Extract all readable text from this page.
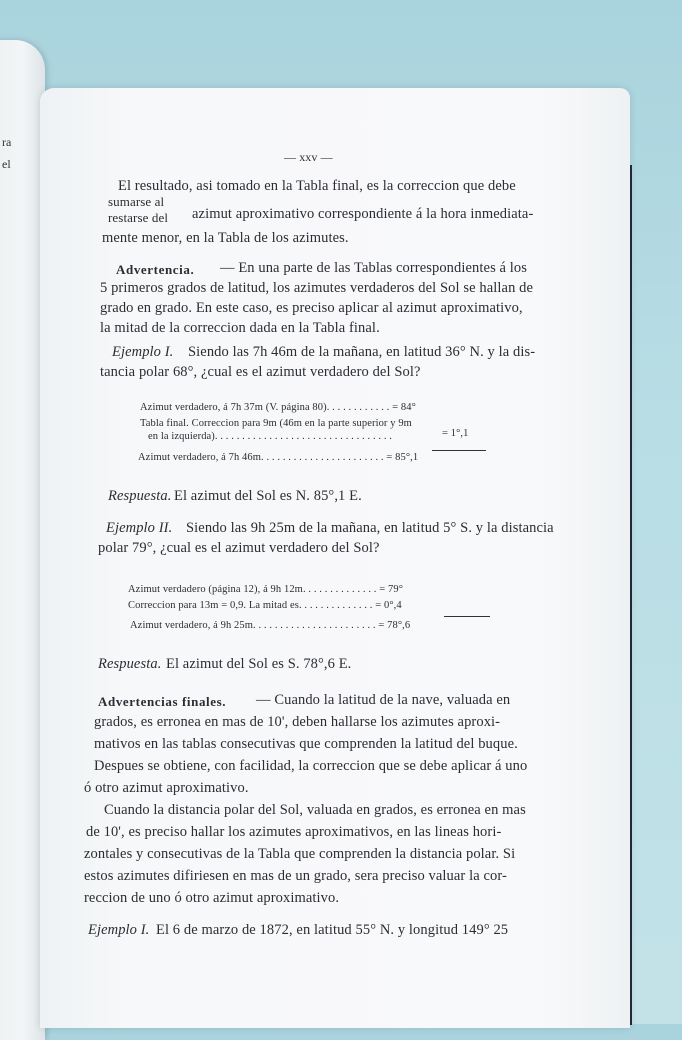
ra
el	— xxv —
El resultado, asi tomado en la Tabla final, es la correccion que debe
sumarse al
restarse del azimut aproximativo correspondiente á la hora inmediata-
mente menor, en la Tabla de los azimutes.
Advertencia. — En una parte de las Tablas correspondientes á los
5 primeros grados de latitud, los azimutes verdaderos del Sol se hallan de
grado en grado. En este caso, es preciso aplicar al azimut aproximativo,
la mitad de la correccion dada en la Tabla final.
Ejemplo I. Siendo las 7h 46m de la mañana, en latitud 36° N. y la dis-
tancia polar 68°, ¿cual es el azimut verdadero del Sol?
Azimut verdadero, á 7h 37m (V. página 80). . . . . . . . . . . . = 84°
Tabla final. Correccion para 9m (46m en la parte superior y 9m
en la izquierda). . . . . . . . . . . . . . . . . . . . . . . . . . . . . . . . .	= 1°,1
Azimut verdadero, á 7h 46m. . . . . . . . . . . . . . . . . . . . . . . = 85°,1
Respuesta. El azimut del Sol es N. 85°,1 E.
Ejemplo II. Siendo las 9h 25m de la mañana, en latitud 5° S. y la distancia
polar 79°, ¿cual es el azimut verdadero del Sol?
Azimut verdadero (página 12), á 9h 12m. . . . . . . . . . . . . . = 79°
Correccion para 13m = 0,9. La mitad es. . . . . . . . . . . . . . = 0°,4
Azimut verdadero, á 9h 25m. . . . . . . . . . . . . . . . . . . . . . . = 78°,6
Respuesta. El azimut del Sol es S. 78°,6 E.
Advertencias finales. — Cuando la latitud de la nave, valuada en
grados, es erronea en mas de 10', deben hallarse los azimutes aproxi-
mativos en las tablas consecutivas que comprenden la latitud del buque.
Despues se obtiene, con facilidad, la correccion que se debe aplicar á uno
ó otro azimut aproximativo.
Cuando la distancia polar del Sol, valuada en grados, es erronea en mas
de 10', es preciso hallar los azimutes aproximativos, en las lineas hori-
zontales y consecutivas de la Tabla que comprenden la distancia polar. Si
estos azimutes difiriesen en mas de un grado, sera preciso valuar la cor-
reccion de uno ó otro azimut aproximativo.
Ejemplo I. El 6 de marzo de 1872, en latitud 55° N. y longitud 149° 25
